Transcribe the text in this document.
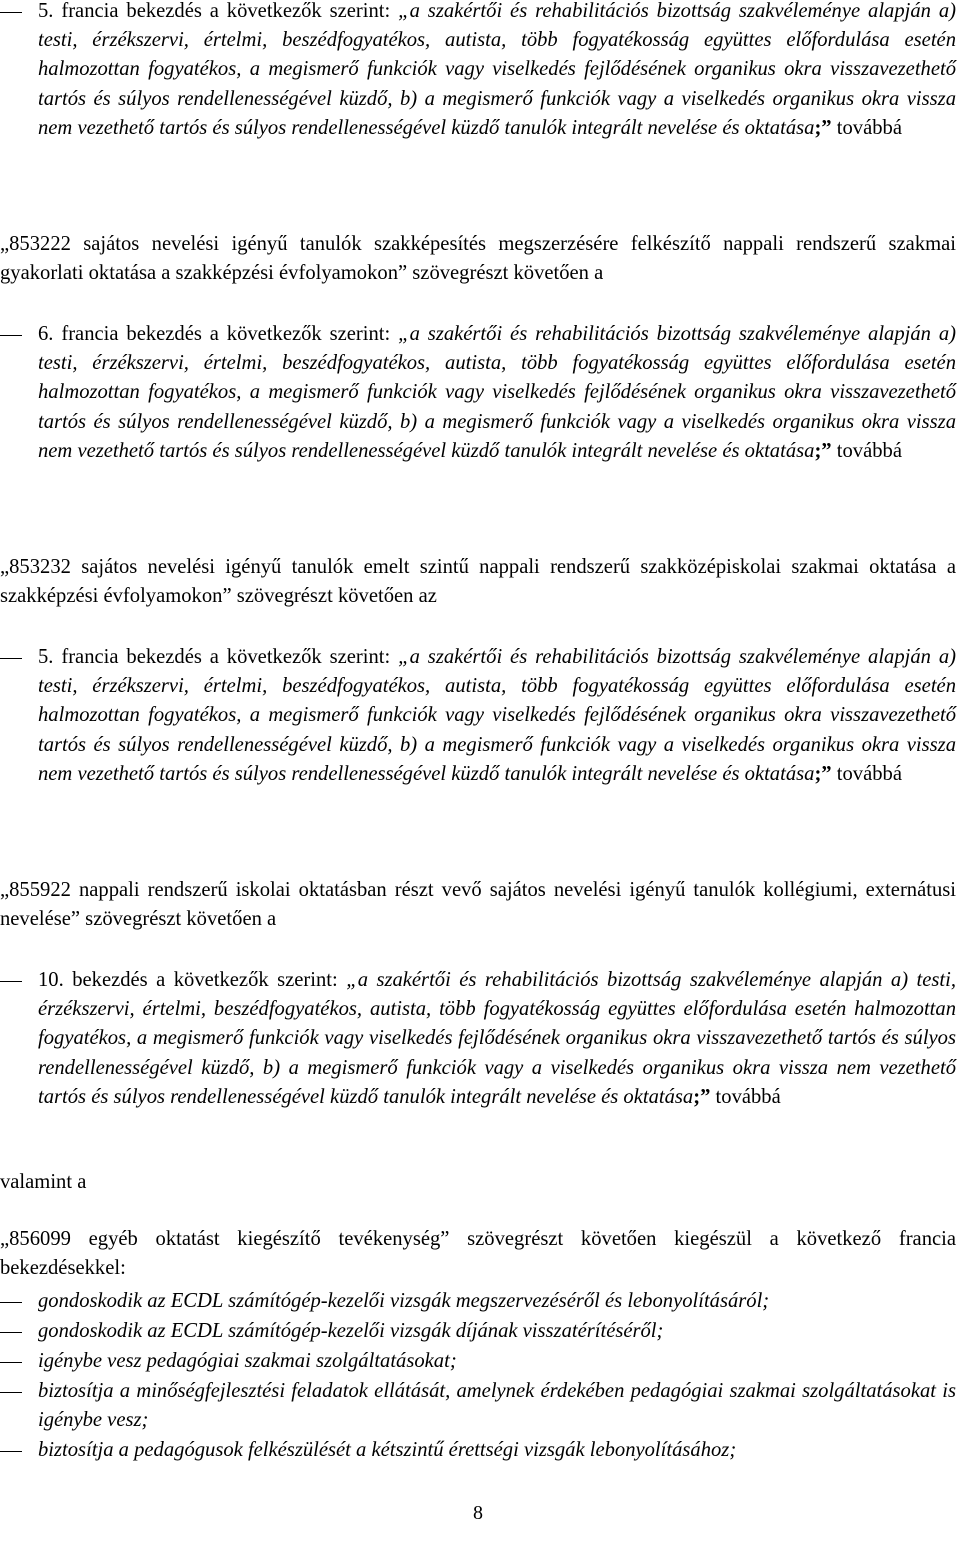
5. francia bekezdés a következők szerint: „a szakértői és rehabilitációs bizottság szakvéleménye alapján a) testi, érzékszervi, értelmi, beszédfogyatékos, autista, több fogyatékosság együttes előfordulása esetén halmozottan fogyatékos, a megismerő funkciók vagy viselkedés fejlődésének organikus okra visszavezethető tartós és súlyos rendellenességével küzdő, b) a megismerő funkciók vagy a viselkedés organikus okra vissza nem vezethető tartós és súlyos rendellenességével küzdő tanulók integrált nevelése és oktatása;” továbbá
„853222 sajátos nevelési igényű tanulók szakképesítés megszerzésére felkészítő nappali rendszerű szakmai gyakorlati oktatása a szakképzési évfolyamokon” szövegrészt követően a
6. francia bekezdés a következők szerint: „a szakértői és rehabilitációs bizottság szakvéleménye alapján a) testi, érzékszervi, értelmi, beszédfogyatékos, autista, több fogyatékosság együttes előfordulása esetén halmozottan fogyatékos, a megismerő funkciók vagy viselkedés fejlődésének organikus okra visszavezethető tartós és súlyos rendellenességével küzdő, b) a megismerő funkciók vagy a viselkedés organikus okra vissza nem vezethető tartós és súlyos rendellenességével küzdő tanulók integrált nevelése és oktatása;” továbbá
„853232 sajátos nevelési igényű tanulók emelt szintű nappali rendszerű szakközépiskolai szakmai oktatása a szakképzési évfolyamokon” szövegrészt követően az
5. francia bekezdés a következők szerint: „a szakértői és rehabilitációs bizottság szakvéleménye alapján a) testi, érzékszervi, értelmi, beszédfogyatékos, autista, több fogyatékosság együttes előfordulása esetén halmozottan fogyatékos, a megismerő funkciók vagy viselkedés fejlődésének organikus okra visszavezethető tartós és súlyos rendellenességével küzdő, b) a megismerő funkciók vagy a viselkedés organikus okra vissza nem vezethető tartós és súlyos rendellenességével küzdő tanulók integrált nevelése és oktatása;” továbbá
„855922 nappali rendszerű iskolai oktatásban részt vevő sajátos nevelési igényű tanulók kollégiumi, externátusi nevelése” szövegrészt követően a
10. bekezdés a következők szerint: „a szakértői és rehabilitációs bizottság szakvéleménye alapján a) testi, érzékszervi, értelmi, beszédfogyatékos, autista, több fogyatékosság együttes előfordulása esetén halmozottan fogyatékos, a megismerő funkciók vagy viselkedés fejlődésének organikus okra visszavezethető tartós és súlyos rendellenességével küzdő, b) a megismerő funkciók vagy a viselkedés organikus okra vissza nem vezethető tartós és súlyos rendellenességével küzdő tanulók integrált nevelése és oktatása;” továbbá
valamint a
„856099 egyéb oktatást kiegészítő tevékenység” szövegrészt követően kiegészül a következő francia bekezdésekkel:
gondoskodik az ECDL számítógép-kezelői vizsgák megszervezéséről és lebonyolításáról;
gondoskodik az ECDL számítógép-kezelői vizsgák díjának visszatérítéséről;
igénybe vesz pedagógiai szakmai szolgáltatásokat;
biztosítja a minőségfejlesztési feladatok ellátását, amelynek érdekében pedagógiai szakmai szolgáltatásokat is igénybe vesz;
biztosítja a pedagógusok felkészülését a kétszintű érettségi vizsgák lebonyolításához;
8
